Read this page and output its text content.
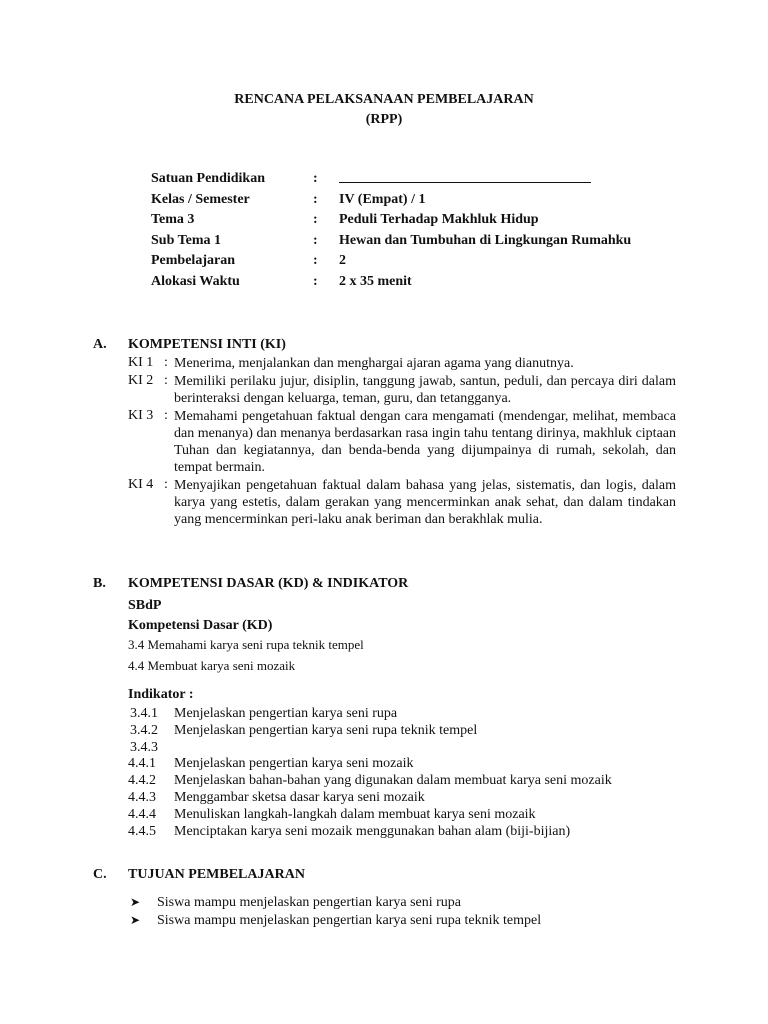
RENCANA PELAKSANAAN PEMBELAJARAN
(RPP)
Satuan Pendidikan	:
Kelas / Semester	: IV (Empat) / 1
Tema 3	: Peduli Terhadap Makhluk Hidup
Sub Tema 1	: Hewan dan Tumbuhan di Lingkungan Rumahku
Pembelajaran	: 2
Alokasi Waktu	: 2 x 35 menit
A. KOMPETENSI INTI (KI)
KI 1 : Menerima, menjalankan dan menghargai ajaran agama yang dianutnya.
KI 2 : Memiliki perilaku jujur, disiplin, tanggung jawab, santun, peduli, dan percaya diri dalam berinteraksi dengan keluarga, teman, guru, dan tetangganya.
KI 3 : Memahami pengetahuan faktual dengan cara mengamati (mendengar, melihat, membaca dan menanya) dan menanya berdasarkan rasa ingin tahu tentang dirinya, makhluk ciptaan Tuhan dan kegiatannya, dan benda-benda yang dijumpainya di rumah, sekolah, dan tempat bermain.
KI 4 : Menyajikan pengetahuan faktual dalam bahasa yang jelas, sistematis, dan logis, dalam karya yang estetis, dalam gerakan yang mencerminkan anak sehat, dan dalam tindakan yang mencerminkan peri-laku anak beriman dan berakhlak mulia.
B. KOMPETENSI DASAR (KD) & INDIKATOR
SBdP
Kompetensi Dasar (KD)
3.4 Memahami karya seni rupa teknik tempel
4.4 Membuat karya seni mozaik
Indikator :
3.4.1 Menjelaskan pengertian karya seni rupa
3.4.2 Menjelaskan pengertian karya seni rupa teknik tempel
3.4.3
4.4.1 Menjelaskan pengertian karya seni mozaik
4.4.2 Menjelaskan bahan-bahan yang digunakan dalam membuat karya seni mozaik
4.4.3 Menggambar sketsa dasar karya seni mozaik
4.4.4 Menuliskan langkah-langkah dalam membuat karya seni mozaik
4.4.5 Menciptakan karya seni mozaik menggunakan bahan alam (biji-bijian)
C. TUJUAN PEMBELAJARAN
➤ Siswa mampu menjelaskan pengertian karya seni rupa
➤ Siswa mampu menjelaskan pengertian karya seni rupa teknik tempel
